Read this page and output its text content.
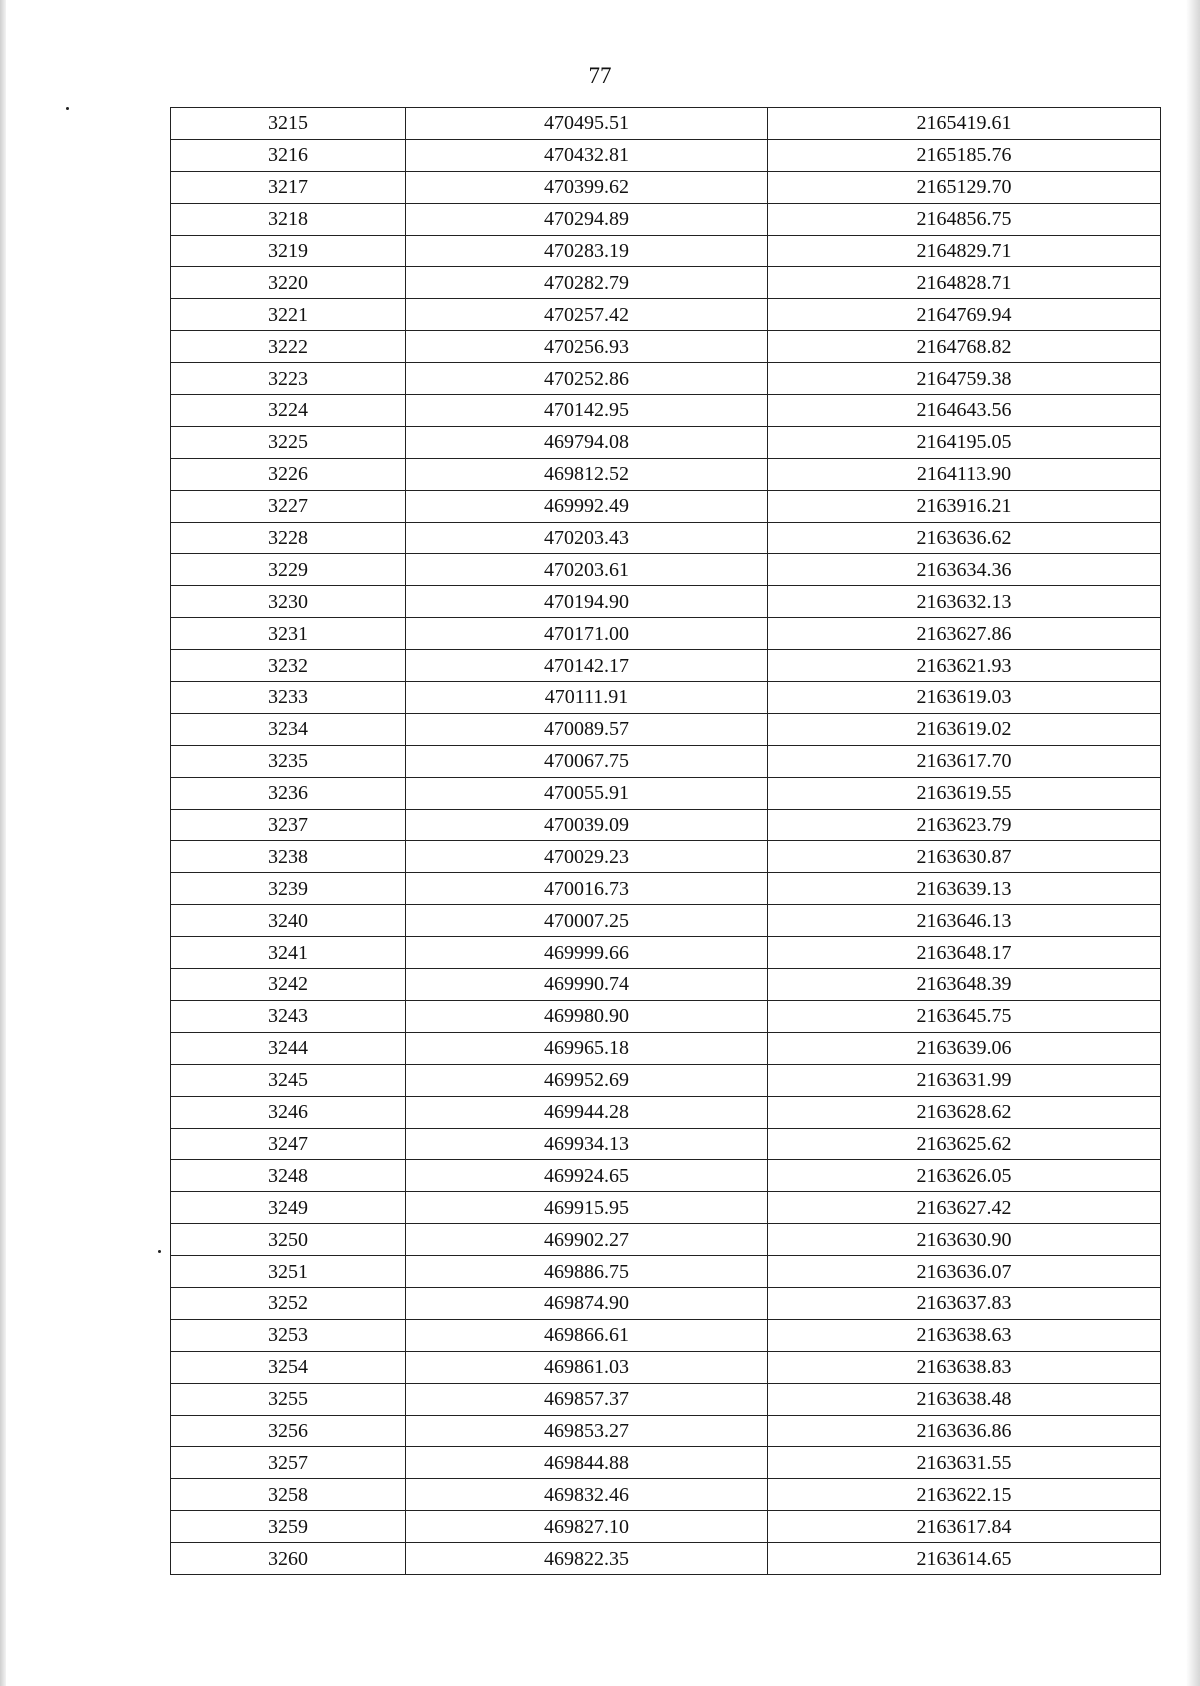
77
3215	470495.51	2165419.61
3216	470432.81	2165185.76
3217	470399.62	2165129.70
3218	470294.89	2164856.75
3219	470283.19	2164829.71
3220	470282.79	2164828.71
3221	470257.42	2164769.94
3222	470256.93	2164768.82
3223	470252.86	2164759.38
3224	470142.95	2164643.56
3225	469794.08	2164195.05
3226	469812.52	2164113.90
3227	469992.49	2163916.21
3228	470203.43	2163636.62
3229	470203.61	2163634.36
3230	470194.90	2163632.13
3231	470171.00	2163627.86
3232	470142.17	2163621.93
3233	470111.91	2163619.03
3234	470089.57	2163619.02
3235	470067.75	2163617.70
3236	470055.91	2163619.55
3237	470039.09	2163623.79
3238	470029.23	2163630.87
3239	470016.73	2163639.13
3240	470007.25	2163646.13
3241	469999.66	2163648.17
3242	469990.74	2163648.39
3243	469980.90	2163645.75
3244	469965.18	2163639.06
3245	469952.69	2163631.99
3246	469944.28	2163628.62
3247	469934.13	2163625.62
3248	469924.65	2163626.05
3249	469915.95	2163627.42
3250	469902.27	2163630.90
3251	469886.75	2163636.07
3252	469874.90	2163637.83
3253	469866.61	2163638.63
3254	469861.03	2163638.83
3255	469857.37	2163638.48
3256	469853.27	2163636.86
3257	469844.88	2163631.55
3258	469832.46	2163622.15
3259	469827.10	2163617.84
3260	469822.35	2163614.65
